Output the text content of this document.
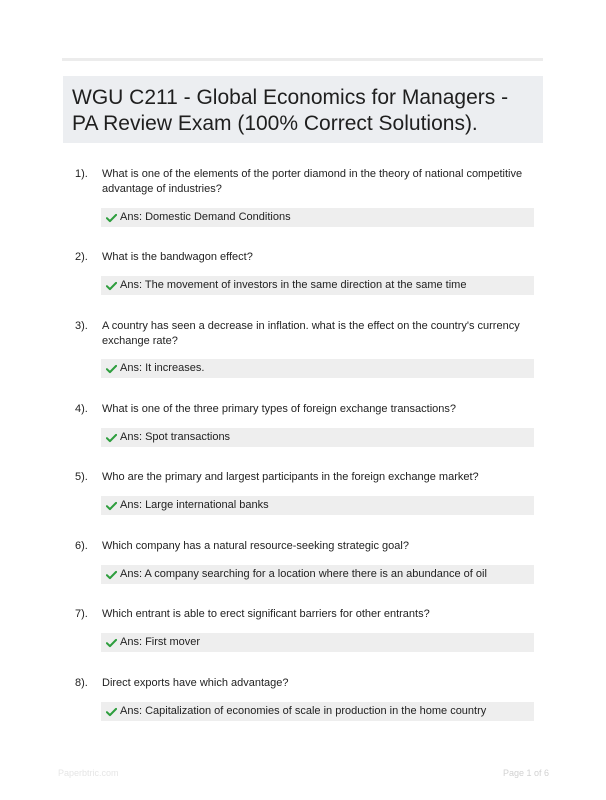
WGU C211 - Global Economics for Managers - PA Review Exam (100% Correct Solutions).
1). What is one of the elements of the porter diamond in the theory of national competitive advantage of industries?
Ans: Domestic Demand Conditions
2). What is the bandwagon effect?
Ans: The movement of investors in the same direction at the same time
3). A country has seen a decrease in inflation. what is the effect on the country's currency exchange rate?
Ans: It increases.
4). What is one of the three primary types of foreign exchange transactions?
Ans: Spot transactions
5). Who are the primary and largest participants in the foreign exchange market?
Ans: Large international banks
6). Which company has a natural resource-seeking strategic goal?
Ans: A company searching for a location where there is an abundance of oil
7). Which entrant is able to erect significant barriers for other entrants?
Ans: First mover
8). Direct exports have which advantage?
Ans: Capitalization of economies of scale in production in the home country
Paperbtric.com	Page 1 of 6
